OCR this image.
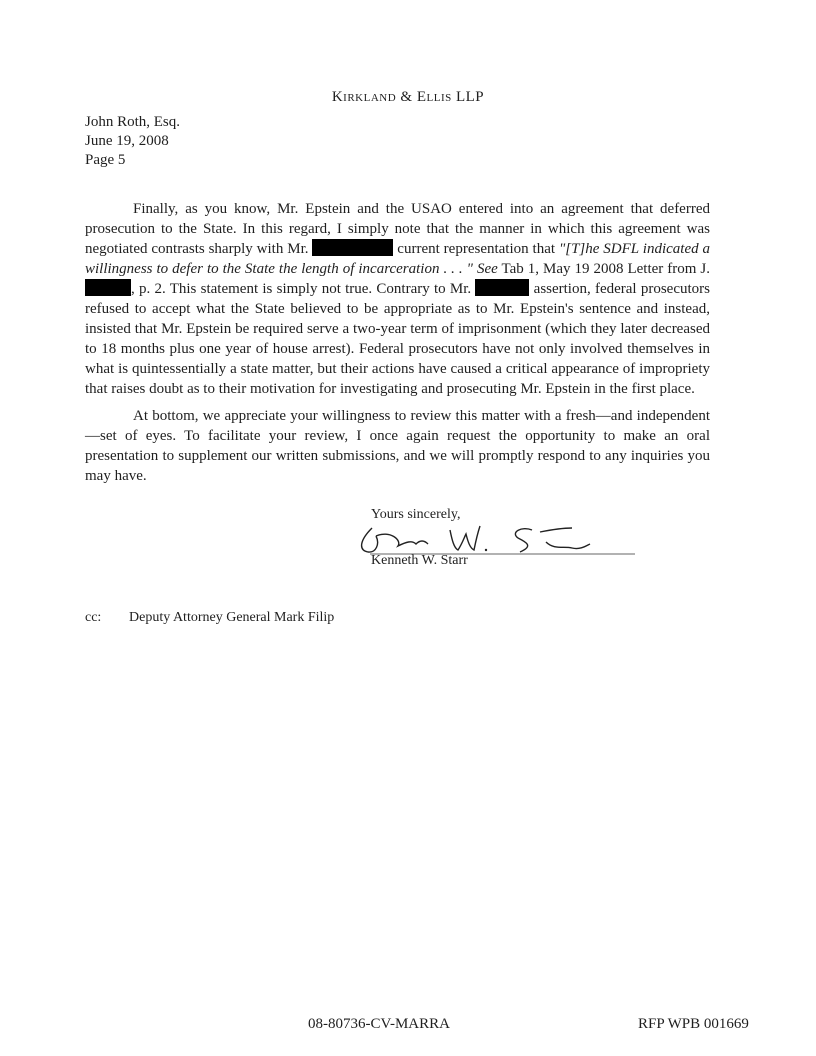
Kirkland & Ellis LLP
John Roth, Esq.
June 19, 2008
Page 5

Finally, as you know, Mr. Epstein and the USAO entered into an agreement that deferred prosecution to the State. In this regard, I simply note that the manner in which this agreement was negotiated contrasts sharply with Mr.	current representation that "[T]he SDFL indicated a willingness to defer to the State the length of incarceration . . . " See Tab 1, May 19 2008 Letter from J. , p. 2. This statement is simply not true. Contrary to Mr.	assertion, federal prosecutors refused to accept what the State believed to be appropriate as to Mr. Epstein's sentence and instead, insisted that Mr. Epstein be required serve a two-year term of imprisonment (which they later decreased to 18 months plus one year of house arrest). Federal prosecutors have not only involved themselves in what is quintessentially a state matter, but their actions have caused a critical appearance of impropriety that raises doubt as to their motivation for investigating and prosecuting Mr. Epstein in the first place.

At bottom, we appreciate your willingness to review this matter with a fresh—and independent—set of eyes. To facilitate your review, I once again request the opportunity to make an oral presentation to supplement our written submissions, and we will promptly respond to any inquiries you may have.

Yours sincerely,
Kenneth W. Starr
cc: Deputy Attorney General Mark Filip
08-80736-CV-MARRA	RFP WPB 001669
